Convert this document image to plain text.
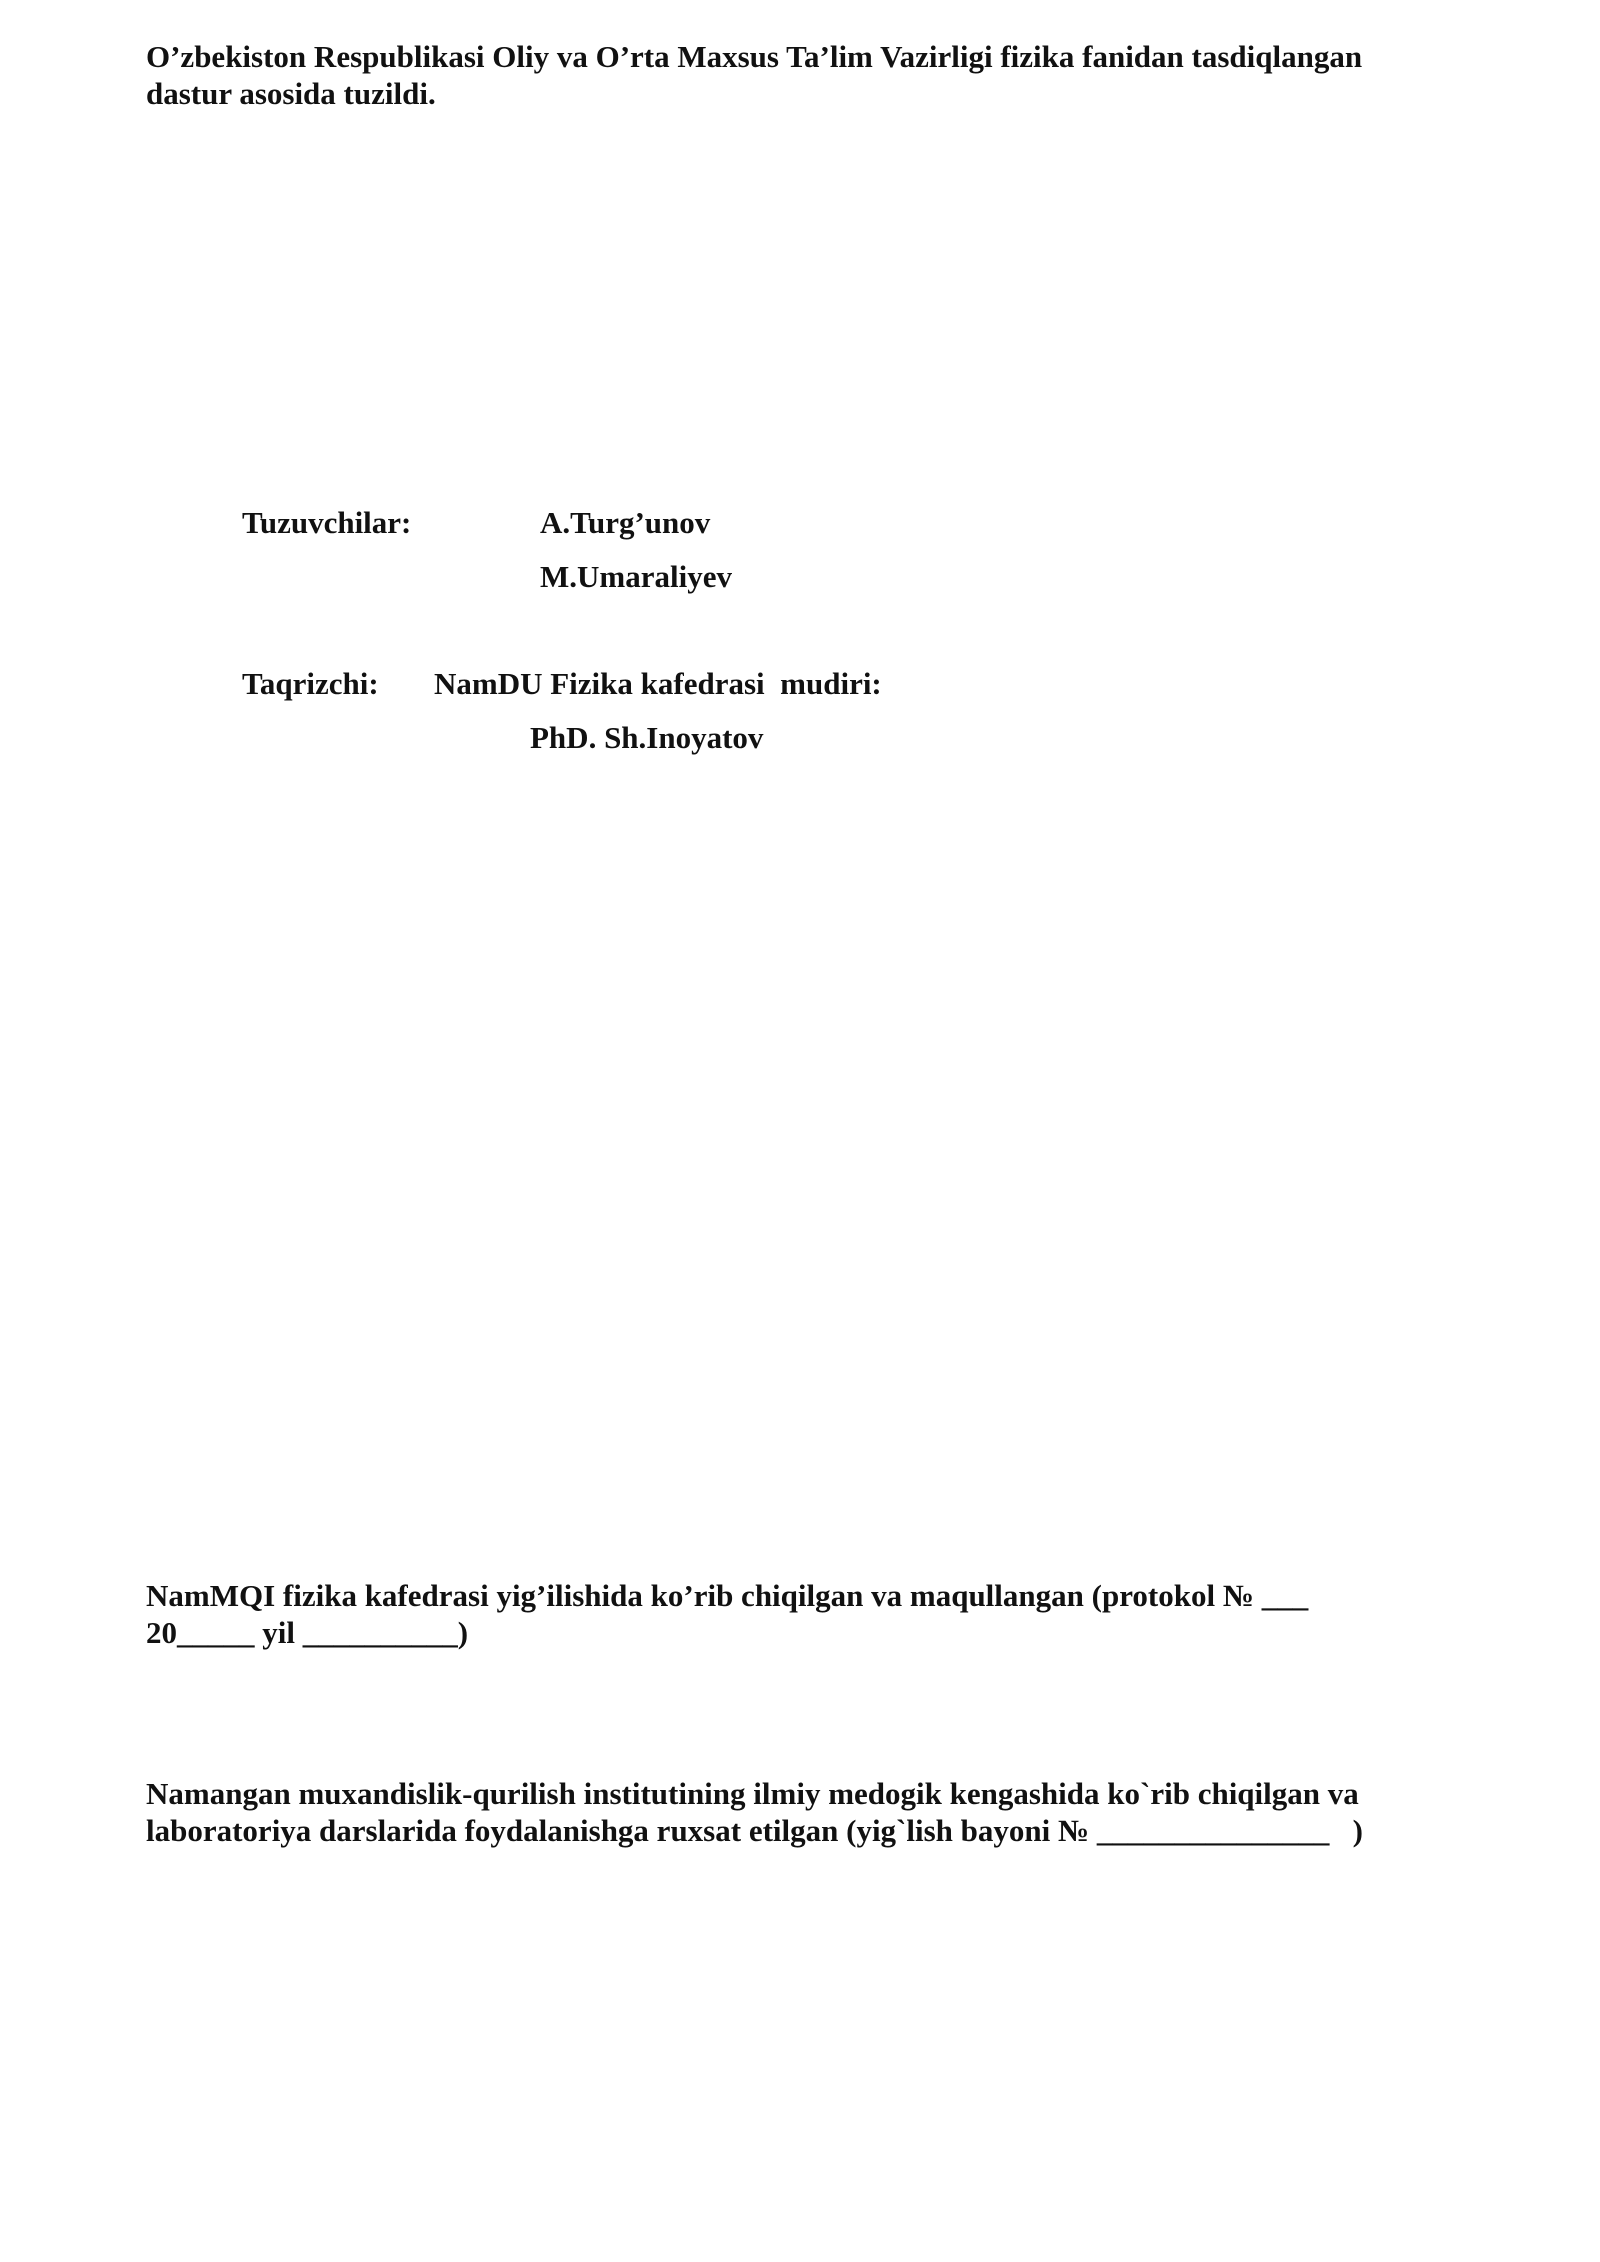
O’zbekiston Respublikasi Oliy va O’rta Maxsus Ta’lim Vazirligi fizika fanidan tasdiqlangan
dastur asosida tuzildi.
Tuzuvchilar:	A.Turg’unov
M.Umaraliyev
Taqrizchi: NamDU Fizika kafedrasi  mudiri:
PhD. Sh.Inoyatov
NamMQI fizika kafedrasi yig’ilishida ko’rib chiqilgan va maqullangan (protokol № ___
20_____ yil __________)
Namangan muxandislik-qurilish institutining ilmiy medogik kengashida ko`rib chiqilgan va
laboratoriya darslarida foydalanishga ruxsat etilgan (yig`lish bayoni № _______________   )
